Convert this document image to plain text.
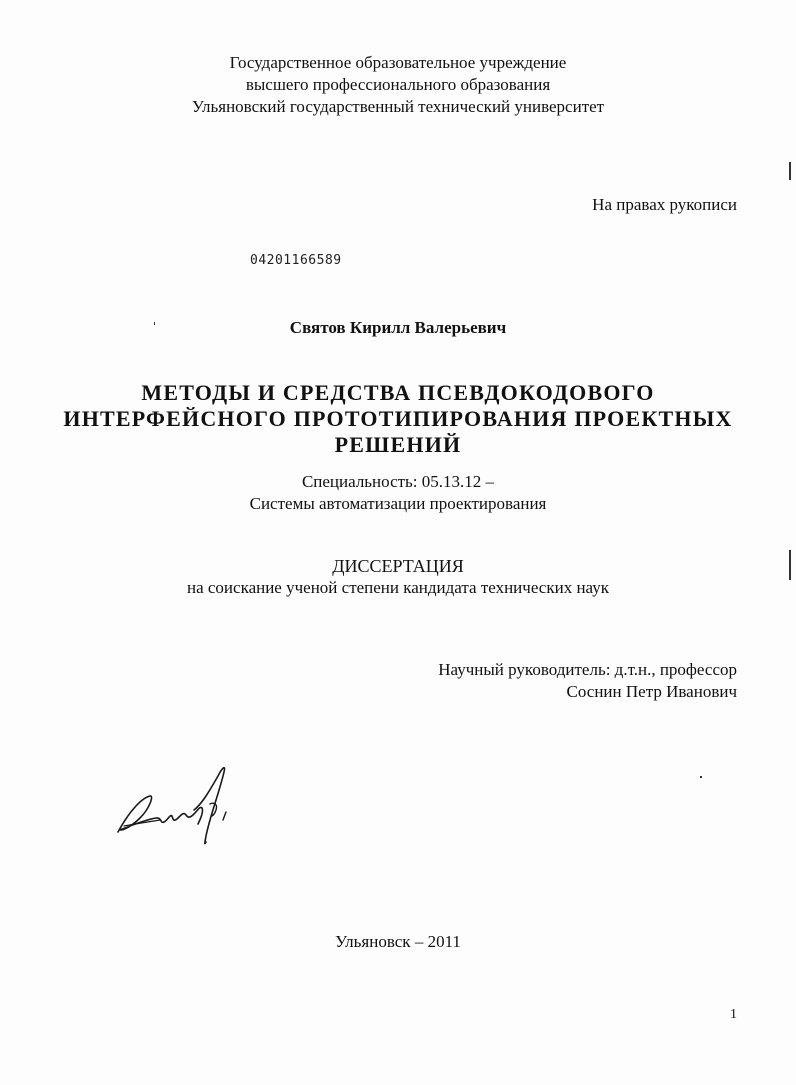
Государственное образовательное учреждение
высшего профессионального образования
Ульяновский государственный технический университет
На правах рукописи
04201166589
Святов Кирилл Валерьевич
МЕТОДЫ И СРЕДСТВА ПСЕВДОКОДОВОГО
ИНТЕРФЕЙСНОГО ПРОТОТИПИРОВАНИЯ ПРОЕКТНЫХ
РЕШЕНИЙ
Специальность: 05.13.12 –
Системы автоматизации проектирования
ДИССЕРТАЦИЯ
на соискание ученой степени кандидата технических наук
Научный руководитель: д.т.н., профессор
Соснин Петр Иванович
Ульяновск – 2011
1
